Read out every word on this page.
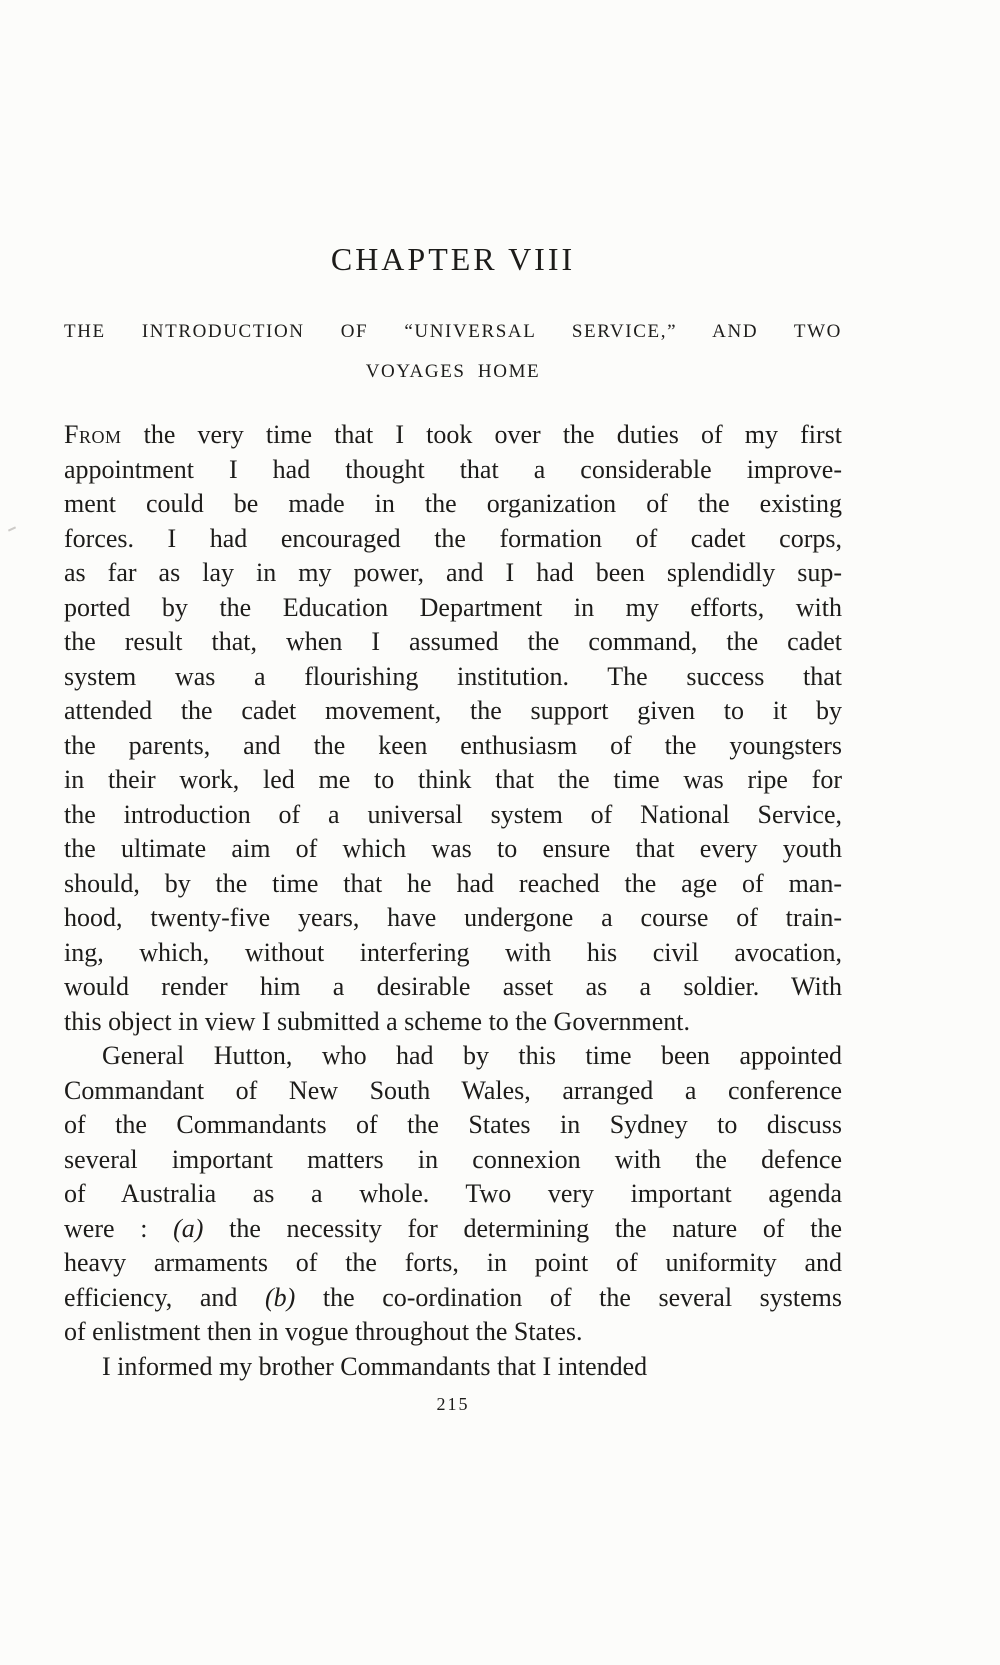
CHAPTER VIII
THE INTRODUCTION OF “UNIVERSAL SERVICE,” AND TWO
VOYAGES HOME
From the very time that I took over the duties of my first
appointment I had thought that a considerable improve-
ment could be made in the organization of the existing
forces. I had encouraged the formation of cadet corps,
as far as lay in my power, and I had been splendidly sup-
ported by the Education Department in my efforts, with
the result that, when I assumed the command, the cadet
system was a flourishing institution. The success that
attended the cadet movement, the support given to it by
the parents, and the keen enthusiasm of the youngsters
in their work, led me to think that the time was ripe for
the introduction of a universal system of National Service,
the ultimate aim of which was to ensure that every youth
should, by the time that he had reached the age of man-
hood, twenty-five years, have undergone a course of train-
ing, which, without interfering with his civil avocation,
would render him a desirable asset as a soldier. With
this object in view I submitted a scheme to the Government.
General Hutton, who had by this time been appointed
Commandant of New South Wales, arranged a conference
of the Commandants of the States in Sydney to discuss
several important matters in connexion with the defence
of Australia as a whole. Two very important agenda
were : (a) the necessity for determining the nature of the
heavy armaments of the forts, in point of uniformity and
efficiency, and (b) the co-ordination of the several systems
of enlistment then in vogue throughout the States.
I informed my brother Commandants that I intended
215
